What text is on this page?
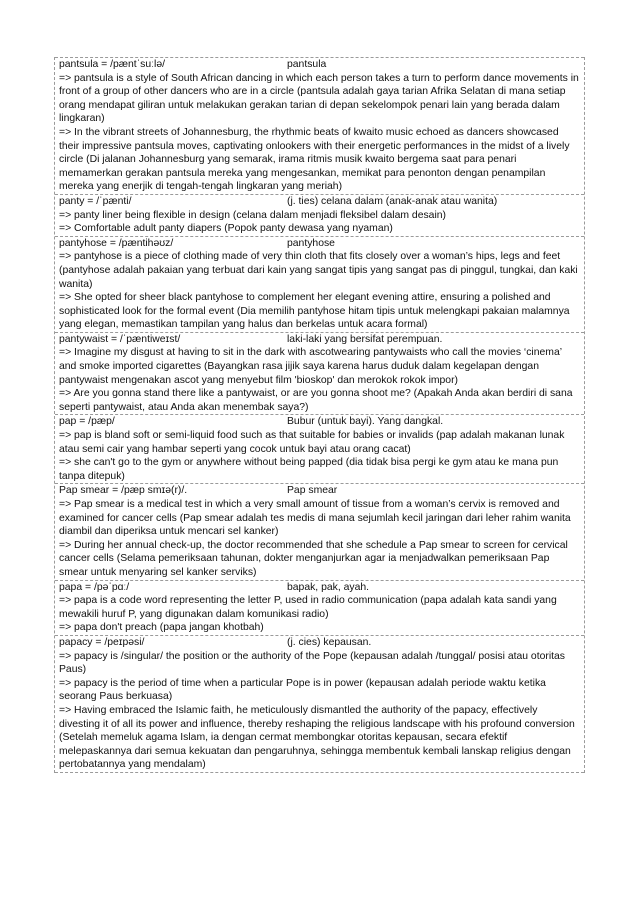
pantsula = /pæntˈsuːlə/	pantsula

=> pantsula is a style of South African dancing in which each person takes a turn to perform dance movements in front of a group of other dancers who are in a circle (pantsula adalah gaya tarian Afrika Selatan di mana setiap orang mendapat giliran untuk melakukan gerakan tarian di depan sekelompok penari lain yang berada dalam lingkaran)

=> In the vibrant streets of Johannesburg, the rhythmic beats of kwaito music echoed as dancers showcased their impressive pantsula moves, captivating onlookers with their energetic performances in the midst of a lively circle (Di jalanan Johannesburg yang semarak, irama ritmis musik kwaito bergema saat para penari memamerkan gerakan pantsula mereka yang mengesankan, memikat para penonton dengan penampilan mereka yang enerjik di tengah-tengah lingkaran yang meriah)

panty = /ˈpænti/	(j. ties) celana dalam (anak-anak atau wanita)

=> panty liner being flexible in design (celana dalam menjadi fleksibel dalam desain)

=> Comfortable adult panty diapers (Popok panty dewasa yang nyaman)

pantyhose = /pæntihəʊz/	pantyhose

=> pantyhose is a piece of clothing made of very thin cloth that fits closely over a woman’s hips, legs and feet (pantyhose adalah pakaian yang terbuat dari kain yang sangat tipis yang sangat pas di pinggul, tungkai, dan kaki wanita)

=> She opted for sheer black pantyhose to complement her elegant evening attire, ensuring a polished and sophisticated look for the formal event (Dia memilih pantyhose hitam tipis untuk melengkapi pakaian malamnya yang elegan, memastikan tampilan yang halus dan berkelas untuk acara formal)

pantywaist = /ˈpæntiweɪst/	laki-laki yang bersifat perempuan.

=> Imagine my disgust at having to sit in the dark with ascotwearing pantywaists who call the movies ‘cinema’ and smoke imported cigarettes (Bayangkan rasa jijik saya karena harus duduk dalam kegelapan dengan pantywaist mengenakan ascot yang menyebut film 'bioskop' dan merokok rokok impor)

=> Are you gonna stand there like a pantywaist, or are you gonna shoot me? (Apakah Anda akan berdiri di sana seperti pantywaist, atau Anda akan menembak saya?)

pap = /pæp/	Bubur (untuk bayi). Yang dangkal.

=> pap is bland soft or semi-liquid food such as that suitable for babies or invalids (pap adalah makanan lunak atau semi cair yang hambar seperti yang cocok untuk bayi atau orang cacat)

=> she can't go to the gym or anywhere without being papped (dia tidak bisa pergi ke gym atau ke mana pun tanpa ditepuk)

Pap smear = /pæp smɪə(r)/.	Pap smear

=> Pap smear is a medical test in which a very small amount of tissue from a woman’s cervix is removed and examined for cancer cells (Pap smear adalah tes medis di mana sejumlah kecil jaringan dari leher rahim wanita diambil dan diperiksa untuk mencari sel kanker)

=> During her annual check-up, the doctor recommended that she schedule a Pap smear to screen for cervical cancer cells (Selama pemeriksaan tahunan, dokter menganjurkan agar ia menjadwalkan pemeriksaan Pap smear untuk menyaring sel kanker serviks)

papa = /pəˈpɑː/	bapak, pak, ayah.

=> papa is a code word representing the letter P, used in radio communication (papa adalah kata sandi yang mewakili huruf P, yang digunakan dalam komunikasi radio)

=> papa don't preach (papa jangan khotbah)

papacy = /peɪpəsi/	(j. cies) kepausan.

=> papacy is /singular/ the position or the authority of the Pope (kepausan adalah /tunggal/ posisi atau otoritas Paus)

=> papacy is the period of time when a particular Pope is in power (kepausan adalah periode waktu ketika seorang Paus berkuasa)

=> Having embraced the Islamic faith, he meticulously dismantled the authority of the papacy, effectively divesting it of all its power and influence, thereby reshaping the religious landscape with his profound conversion (Setelah memeluk agama Islam, ia dengan cermat membongkar otoritas kepausan, secara efektif melepaskannya dari semua kekuatan dan pengaruhnya, sehingga membentuk kembali lanskap religius dengan pertobatannya yang mendalam)
